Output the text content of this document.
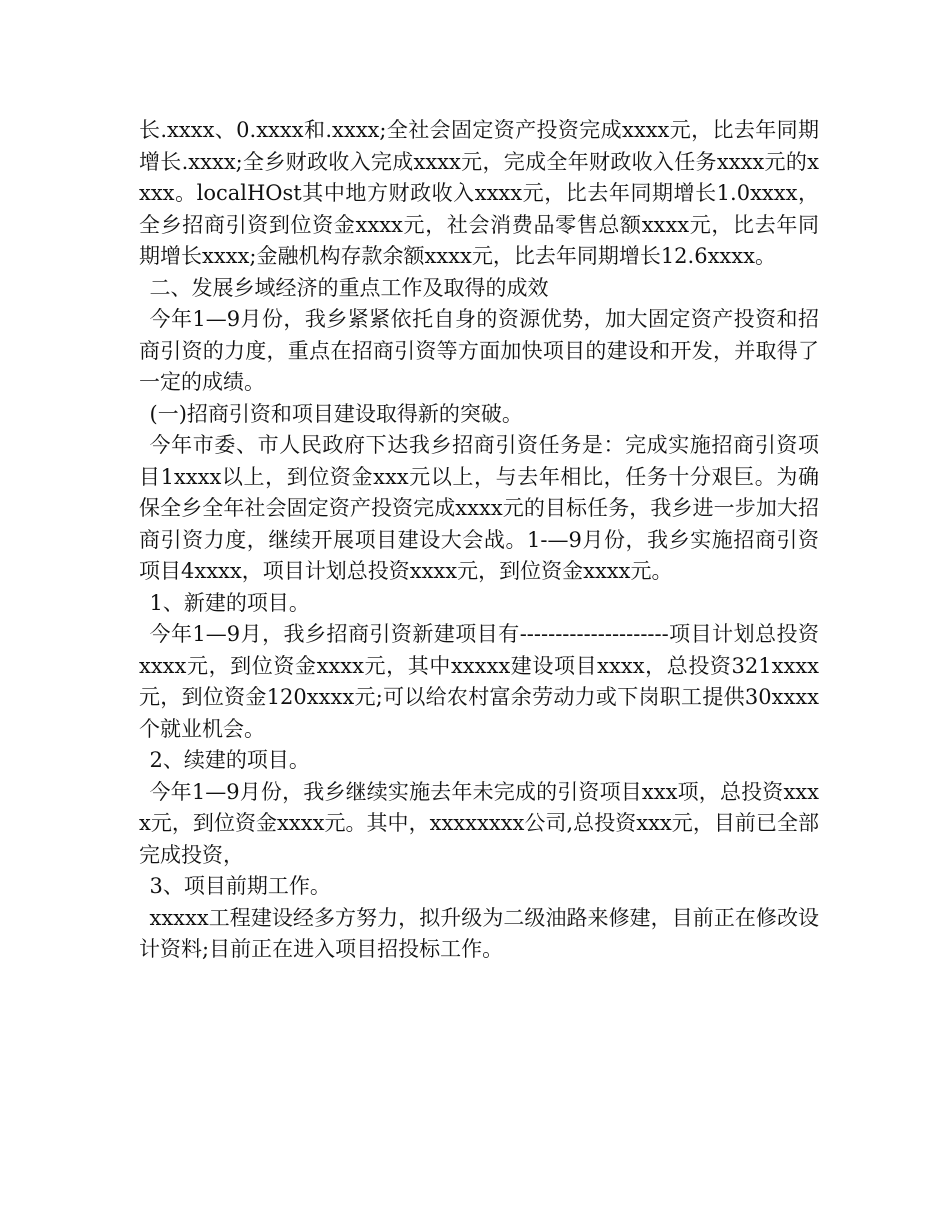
长.xxxx、0.xxxx和.xxxx;全社会固定资产投资完成xxxx元，比去年同期增长.xxxx;全乡财政收入完成xxxx元，完成全年财政收入任务xxxx元的xxxx。localHOst其中地方财政收入xxxx元，比去年同期增长1.0xxxx，全乡招商引资到位资金xxxx元，社会消费品零售总额xxxx元，比去年同期增长xxxx;金融机构存款余额xxxx元，比去年同期增长12.6xxxx。

二、发展乡域经济的重点工作及取得的成效

今年1—9月份，我乡紧紧依托自身的资源优势，加大固定资产投资和招商引资的力度，重点在招商引资等方面加快项目的建设和开发，并取得了一定的成绩。

(一)招商引资和项目建设取得新的突破。

今年市委、市人民政府下达我乡招商引资任务是：完成实施招商引资项目1xxxx以上，到位资金xxx元以上，与去年相比，任务十分艰巨。为确保全乡全年社会固定资产投资完成xxxx元的目标任务，我乡进一步加大招商引资力度，继续开展项目建设大会战。1-—9月份，我乡实施招商引资项目4xxxx，项目计划总投资xxxx元，到位资金xxxx元。

1、新建的项目。

今年1—9月，我乡招商引资新建项目有---------------------项目计划总投资xxxx元，到位资金xxxx元，其中xxxxx建设项目xxxx，总投资321xxxx元，到位资金120xxxx元;可以给农村富余劳动力或下岗职工提供30xxxx个就业机会。

2、续建的项目。

今年1—9月份，我乡继续实施去年未完成的引资项目xxx项，总投资xxxx元，到位资金xxxx元。其中，xxxxxxxx公司,总投资xxx元，目前已全部完成投资，

3、项目前期工作。

xxxxx工程建设经多方努力，拟升级为二级油路来修建，目前正在修改设计资料;目前正在进入项目招投标工作。
